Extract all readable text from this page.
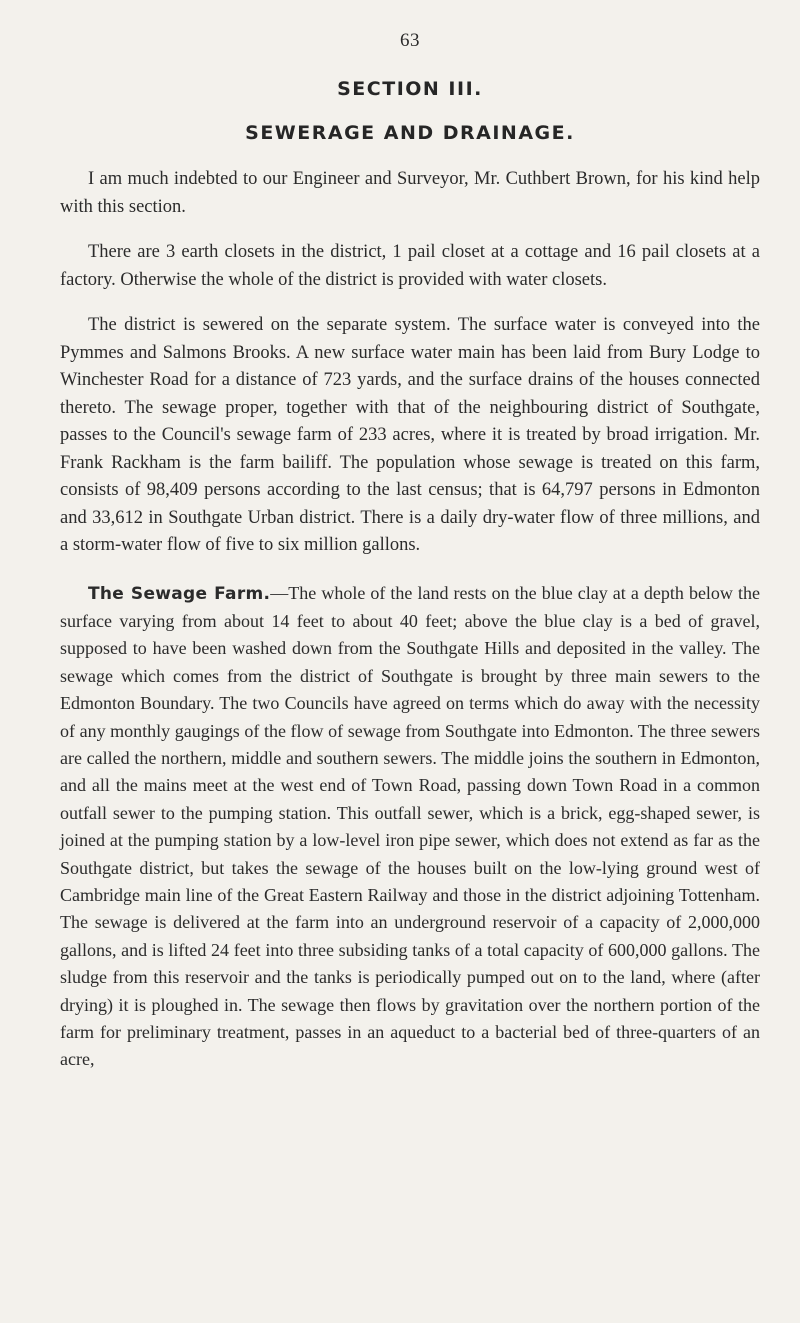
63
SECTION III.
SEWERAGE AND DRAINAGE.

I am much indebted to our Engineer and Surveyor, Mr. Cuthbert Brown, for his kind help with this section.

There are 3 earth closets in the district, 1 pail closet at a cottage and 16 pail closets at a factory. Otherwise the whole of the district is provided with water closets.

The district is sewered on the separate system. The surface water is conveyed into the Pymmes and Salmons Brooks. A new surface water main has been laid from Bury Lodge to Winchester Road for a distance of 723 yards, and the surface drains of the houses connected thereto. The sewage proper, together with that of the neighbouring district of Southgate, passes to the Council's sewage farm of 233 acres, where it is treated by broad irrigation. Mr. Frank Rackham is the farm bailiff. The population whose sewage is treated on this farm, consists of 98,409 persons according to the last census; that is 64,797 persons in Edmonton and 33,612 in Southgate Urban district. There is a daily dry-water flow of three millions, and a storm-water flow of five to six million gallons.

The Sewage Farm.—The whole of the land rests on the blue clay at a depth below the surface varying from about 14 feet to about 40 feet; above the blue clay is a bed of gravel, supposed to have been washed down from the Southgate Hills and deposited in the valley. The sewage which comes from the district of Southgate is brought by three main sewers to the Edmonton Boundary. The two Councils have agreed on terms which do away with the necessity of any monthly gaugings of the flow of sewage from Southgate into Edmonton. The three sewers are called the northern, middle and southern sewers. The middle joins the southern in Edmonton, and all the mains meet at the west end of Town Road, passing down Town Road in a common outfall sewer to the pumping station. This outfall sewer, which is a brick, egg-shaped sewer, is joined at the pumping station by a low-level iron pipe sewer, which does not extend as far as the Southgate district, but takes the sewage of the houses built on the low-lying ground west of Cambridge main line of the Great Eastern Railway and those in the district adjoining Tottenham. The sewage is delivered at the farm into an underground reservoir of a capacity of 2,000,000 gallons, and is lifted 24 feet into three subsiding tanks of a total capacity of 600,000 gallons. The sludge from this reservoir and the tanks is periodically pumped out on to the land, where (after drying) it is ploughed in. The sewage then flows by gravitation over the northern portion of the farm for preliminary treatment, passes in an aqueduct to a bacterial bed of three-quarters of an acre,
